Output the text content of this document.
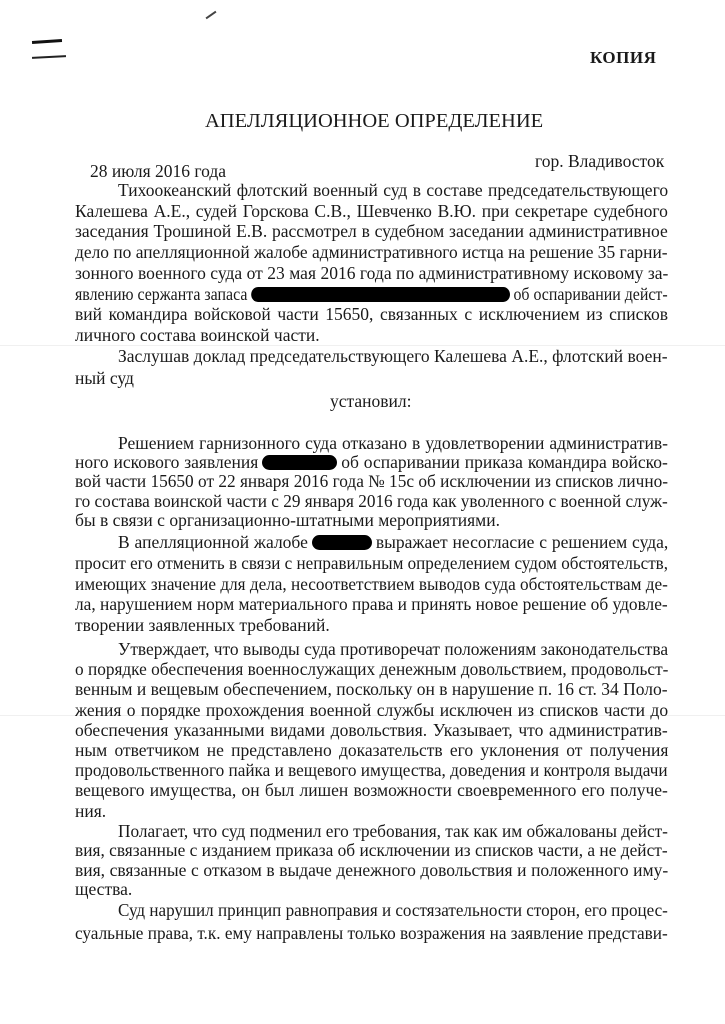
КОПИЯ
АПЕЛЛЯЦИОННОЕ ОПРЕДЕЛЕНИЕ
28 июля 2016 года	гор. Владивосток
установил:
Тихоокеанский флотский военный суд в составе председательствующего
Калешева А.Е., судей Горскова С.В., Шевченко В.Ю. при секретаре судебного
заседания Трошиной Е.В. рассмотрел в судебном заседании административное
дело по апелляционной жалобе административного истца на решение 35 гарни-
зонного военного суда от 23 мая 2016 года по административному исковому за-
явлению сержанта запаса	об оспаривании дейст-
вий командира войсковой части 15650, связанных с исключением из списков
личного состава воинской части.
Заслушав доклад председательствующего Калешева А.Е., флотский воен-
ный суд
Решением гарнизонного суда отказано в удовлетворении административ-
ного искового заявления	об оспаривании приказа командира войско-
вой части 15650 от 22 января 2016 года № 15с об исключении из списков лично-
го состава воинской части с 29 января 2016 года как уволенного с военной служ-
бы в связи с организационно-штатными мероприятиями.
В апелляционной жалобе	выражает несогласие с решением суда,
просит его отменить в связи с неправильным определением судом обстоятельств,
имеющих значение для дела, несоответствием выводов суда обстоятельствам де-
ла, нарушением норм материального права и принять новое решение об удовле-
творении заявленных требований.
Утверждает, что выводы суда противоречат положениям законодательства
о порядке обеспечения военнослужащих денежным довольствием, продовольст-
венным и вещевым обеспечением, поскольку он в нарушение п. 16 ст. 34 Поло-
жения о порядке прохождения военной службы исключен из списков части до
обеспечения указанными видами довольствия. Указывает, что административ-
ным ответчиком не представлено доказательств его уклонения от получения
продовольственного пайка и вещевого имущества, доведения и контроля выдачи
вещевого имущества, он был лишен возможности своевременного его получе-
ния.
Полагает, что суд подменил его требования, так как им обжалованы дейст-
вия, связанные с изданием приказа об исключении из списков части, а не дейст-
вия, связанные с отказом в выдаче денежного довольствия и положенного иму-
щества.
Суд нарушил принцип равноправия и состязательности сторон, его процес-
суальные права, т.к. ему направлены только возражения на заявление представи-
